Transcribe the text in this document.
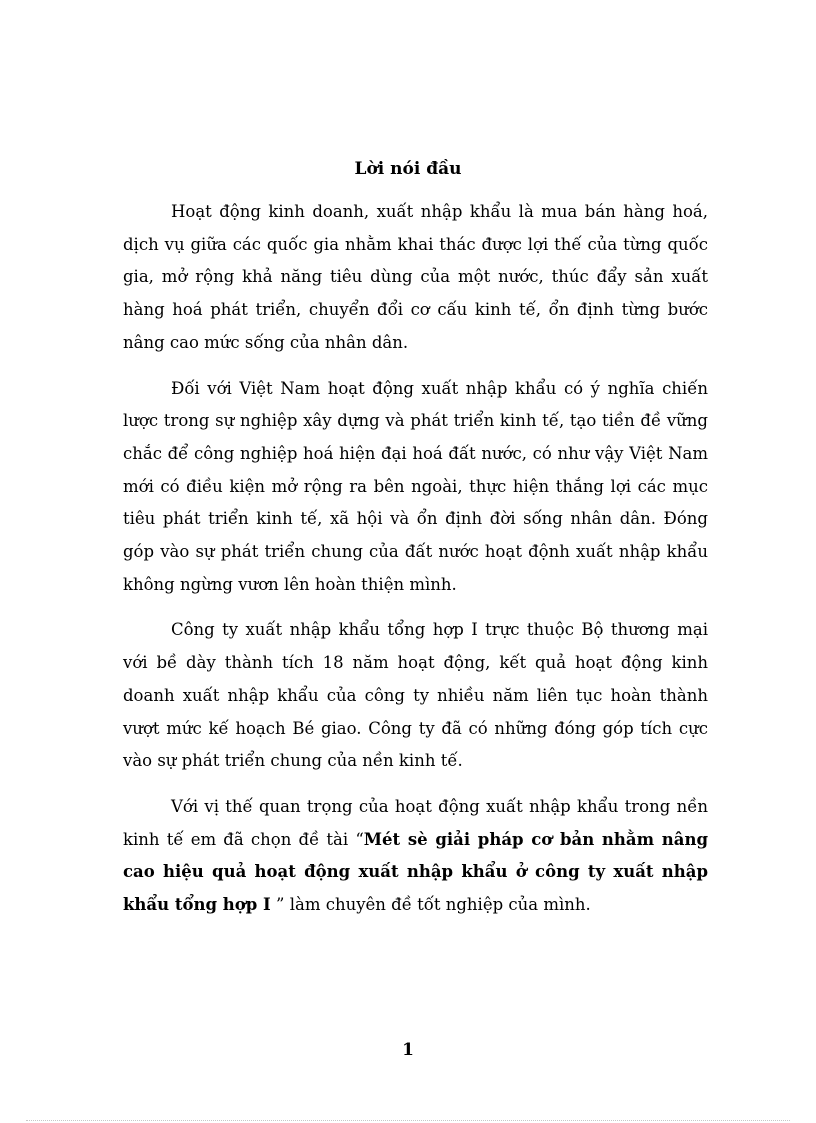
Lời nói đầu

Hoạt động kinh doanh, xuất nhập khẩu là mua bán hàng hoá, dịch vụ giữa các quốc gia nhằm khai thác được lợi thế của từng quốc gia, mở rộng khả năng tiêu dùng của một nước, thúc đẩy sản xuất hàng hoá phát triển, chuyển đổi cơ cấu kinh tế, ổn định từng bước nâng cao mức sống của nhân dân.

Đối với Việt Nam hoạt động xuất nhập khẩu có ý nghĩa chiến lược trong sự nghiệp xây dựng và phát triển kinh tế, tạo tiền đề vững chắc để công nghiệp hoá hiện đại hoá đất nước, có như vậy Việt Nam mới có điều kiện mở rộng ra bên ngoài, thực hiện thắng lợi các mục tiêu phát triển kinh tế, xã hội và ổn định đời sống nhân dân. Đóng góp vào sự phát triển chung của đất nước hoạt độnh xuất nhập khẩu không ngừng vươn lên hoàn thiện mình.

Công ty xuất nhập khẩu tổng hợp I trực thuộc Bộ thương mại với bề dày thành tích 18 năm hoạt động, kết quả hoạt động kinh doanh xuất nhập khẩu của công ty nhiều năm liên tục hoàn thành vượt mức kế hoạch Bé giao. Công ty đã có những đóng góp tích cực vào sự phát triển chung của nền kinh tế.

Với vị thế quan trọng của hoạt động xuất nhập khẩu trong nền kinh tế em đã chọn đề tài “Mét sè giải pháp cơ bản nhằm nâng cao hiệu quả hoạt động xuất nhập khẩu ở công ty xuất nhập khẩu tổng hợp I ” làm chuyên đề tốt nghiệp của mình.

1
